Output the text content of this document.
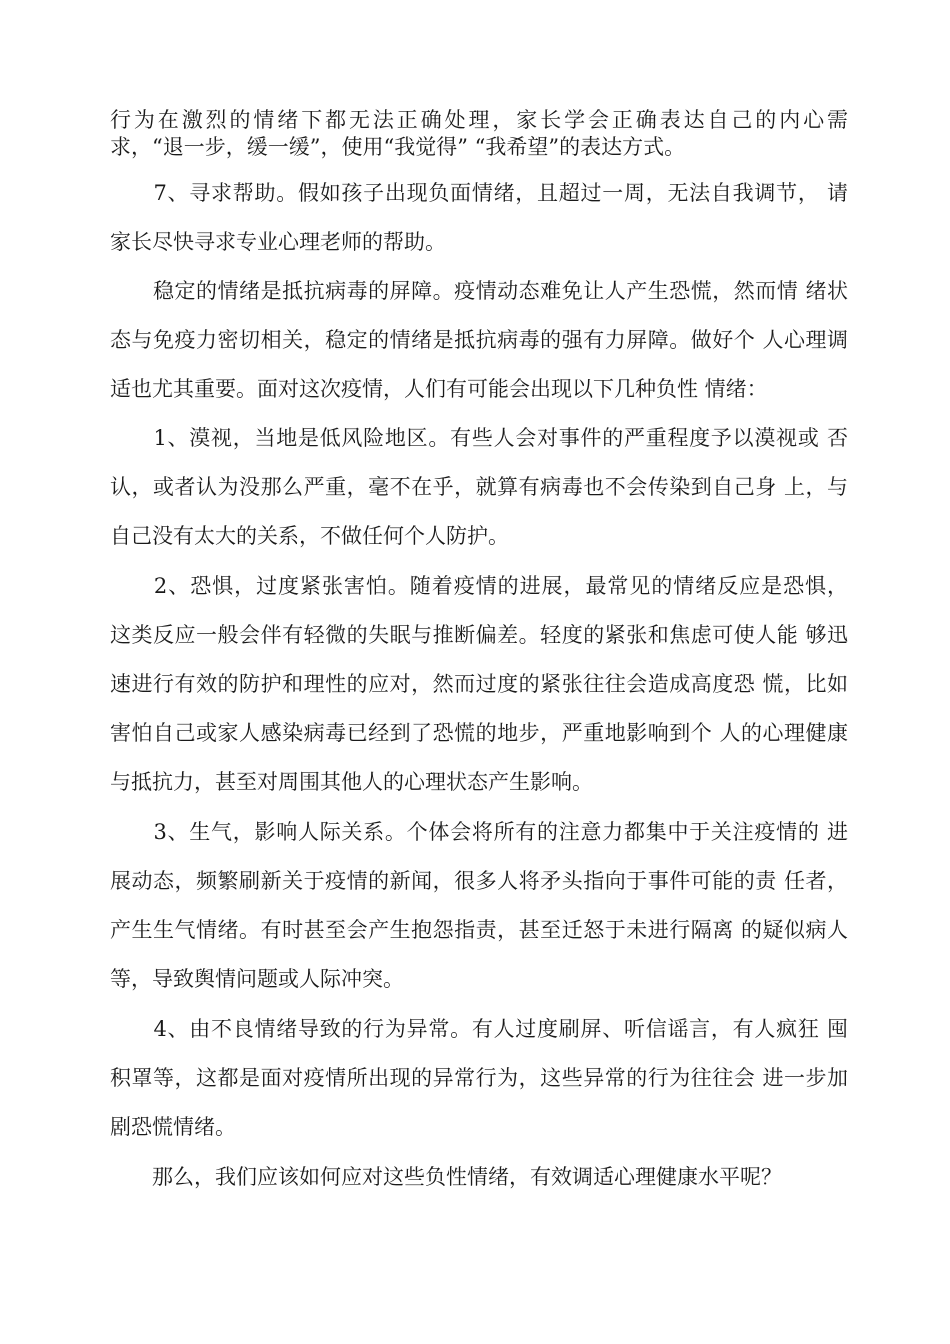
行为在激烈的情绪下都无法正确处理，家长学会正确表达自己的内心需
求，“退一步，缓一缓”，使用“我觉得” “我希望”的表达方式。
　　7、寻求帮助。假如孩子出现负面情绪，且超过一周，无法自我调节， 请
家长尽快寻求专业心理老师的帮助。
　　稳定的情绪是抵抗病毒的屏障。疫情动态难免让人产生恐慌，然而情 绪状
态与免疫力密切相关，稳定的情绪是抵抗病毒的强有力屏障。做好个 人心理调
适也尤其重要。面对这次疫情，人们有可能会出现以下几种负性 情绪：
　　1、漠视，当地是低风险地区。有些人会对事件的严重程度予以漠视或 否
认，或者认为没那么严重，毫不在乎，就算有病毒也不会传染到自己身 上，与
自己没有太大的关系，不做任何个人防护。
　　2、恐惧，过度紧张害怕。随着疫情的进展，最常见的情绪反应是恐惧，
这类反应一般会伴有轻微的失眠与推断偏差。轻度的紧张和焦虑可使人能 够迅
速进行有效的防护和理性的应对，然而过度的紧张往往会造成高度恐 慌，比如
害怕自己或家人感染病毒已经到了恐慌的地步，严重地影响到个 人的心理健康
与抵抗力，甚至对周围其他人的心理状态产生影响。
　　3、生气，影响人际关系。个体会将所有的注意力都集中于关注疫情的 进
展动态，频繁刷新关于疫情的新闻，很多人将矛头指向于事件可能的责 任者，
产生生气情绪。有时甚至会产生抱怨指责，甚至迁怒于未进行隔离 的疑似病人
等，导致舆情问题或人际冲突。
　　4、由不良情绪导致的行为异常。有人过度刷屏、听信谣言，有人疯狂 囤
积罩等，这都是面对疫情所出现的异常行为，这些异常的行为往往会 进一步加
剧恐慌情绪。
　　那么，我们应该如何应对这些负性情绪，有效调适心理健康水平呢？
